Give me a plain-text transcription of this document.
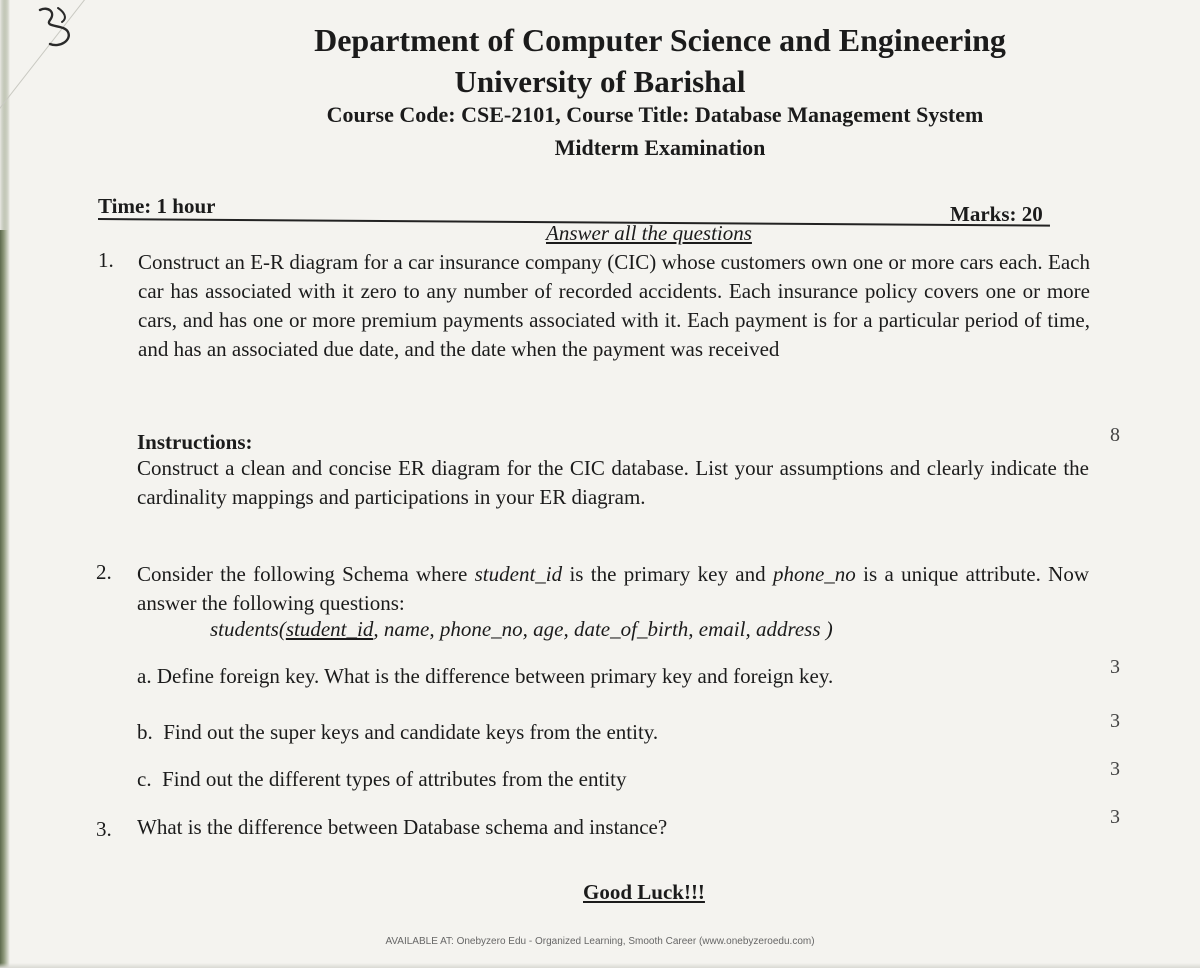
Department of Computer Science and Engineering
University of Barishal
Course Code: CSE-2101, Course Title: Database Management System
Midterm Examination
Time: 1 hour	Marks: 20
Answer all the questions
1. Construct an E-R diagram for a car insurance company (CIC) whose customers own one or more cars each. Each car has associated with it zero to any number of recorded accidents. Each insurance policy covers one or more cars, and has one or more premium payments associated with it. Each payment is for a particular period of time, and has an associated due date, and the date when the payment was received
Instructions:	8
Construct a clean and concise ER diagram for the CIC database. List your assumptions and clearly indicate the cardinality mappings and participations in your ER diagram.
2. Consider the following Schema where student_id is the primary key and phone_no is a unique attribute. Now answer the following questions:
students(student_id, name, phone_no, age, date_of_birth, email, address )
a. Define foreign key. What is the difference between primary key and foreign key.	3
b. Find out the super keys and candidate keys from the entity.	3
c. Find out the different types of attributes from the entity	3
3. What is the difference between Database schema and instance?	3
Good Luck!!!
AVAILABLE AT: Onebyzero Edu - Organized Learning, Smooth Career (www.onebyzeroedu.com)
